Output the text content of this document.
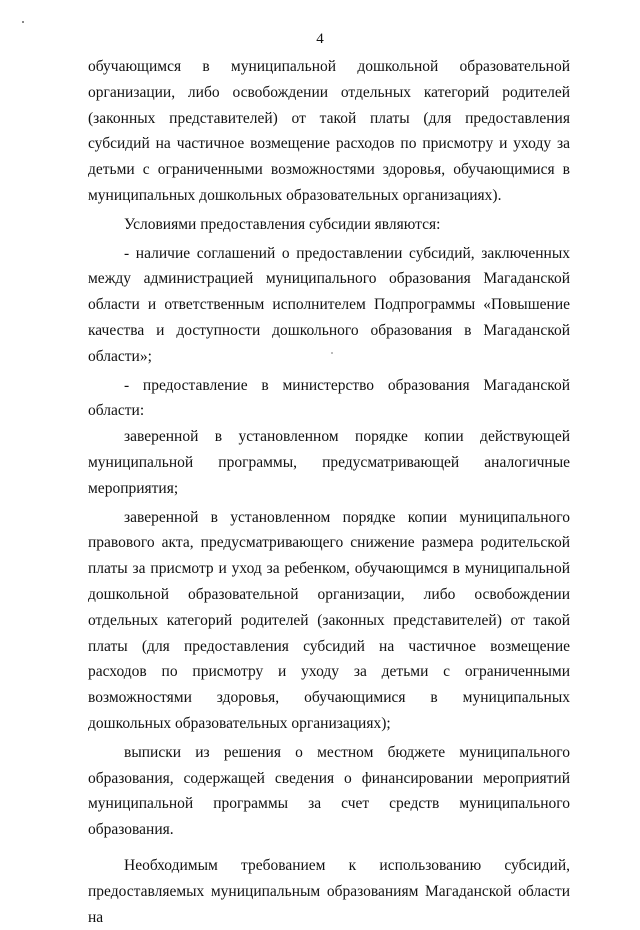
4

обучающимся в муниципальной дошкольной образовательной организации, либо освобождении отдельных категорий родителей (законных представителей) от такой платы (для предоставления субсидий на частичное возмещение расходов по присмотру и уходу за детьми с ограниченными возможностями здоровья, обучающимися в муниципальных дошкольных образовательных организациях).

Условиями предоставления субсидии являются:

- наличие соглашений о предоставлении субсидий, заключенных между администрацией муниципального образования Магаданской области и ответственным исполнителем Подпрограммы «Повышение качества и доступности дошкольного образования в Магаданской области»;

- предоставление в министерство образования Магаданской области:

заверенной в установленном порядке копии действующей муниципальной программы, предусматривающей аналогичные мероприятия;

заверенной в установленном порядке копии муниципального правового акта, предусматривающего снижение размера родительской платы за присмотр и уход за ребенком, обучающимся в муниципальной дошкольной образовательной организации, либо освобождении отдельных категорий родителей (законных представителей) от такой платы (для предоставления субсидий на частичное возмещение расходов по присмотру и уходу за детьми с ограниченными возможностями здоровья, обучающимися в муниципальных дошкольных образовательных организациях);

выписки из решения о местном бюджете муниципального образования, содержащей сведения о финансировании мероприятий муниципальной программы за счет средств муниципального образования.

Необходимым требованием к использованию субсидий, предоставляемых муниципальным образованиям Магаданской области на
